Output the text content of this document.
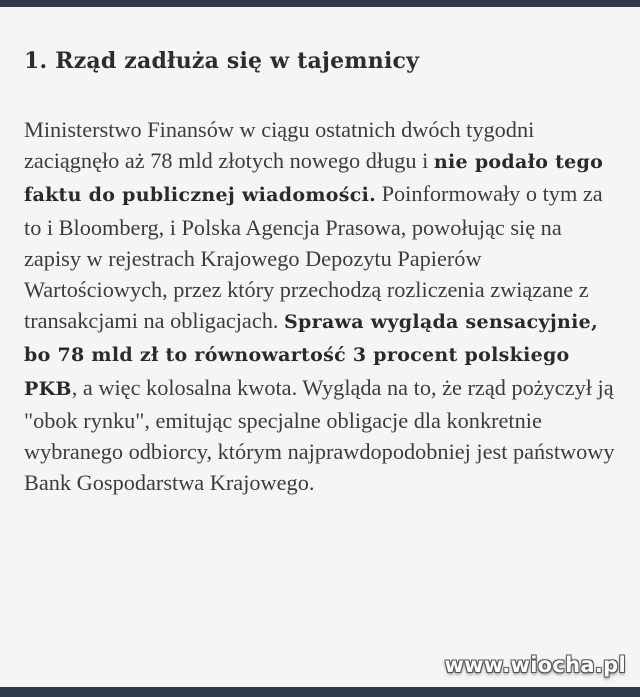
1. Rząd zadłuża się w tajemnicy

Ministerstwo Finansów w ciągu ostatnich dwóch tygodni zaciągnęło aż 78 mld złotych nowego długu i nie podało tego faktu do publicznej wiadomości. Poinformowały o tym za to i Bloomberg, i Polska Agencja Prasowa, powołując się na zapisy w rejestrach Krajowego Depozytu Papierów Wartościowych, przez który przechodzą rozliczenia związane z transakcjami na obligacjach. Sprawa wygląda sensacyjnie, bo 78 mld zł to równowartość 3 procent polskiego PKB, a więc kolosalna kwota. Wygląda na to, że rząd pożyczył ją "obok rynku", emitując specjalne obligacje dla konkretnie wybranego odbiorcy, którym najprawdopodobniej jest państwowy Bank Gospodarstwa Krajowego.

www.wiocha.pl
